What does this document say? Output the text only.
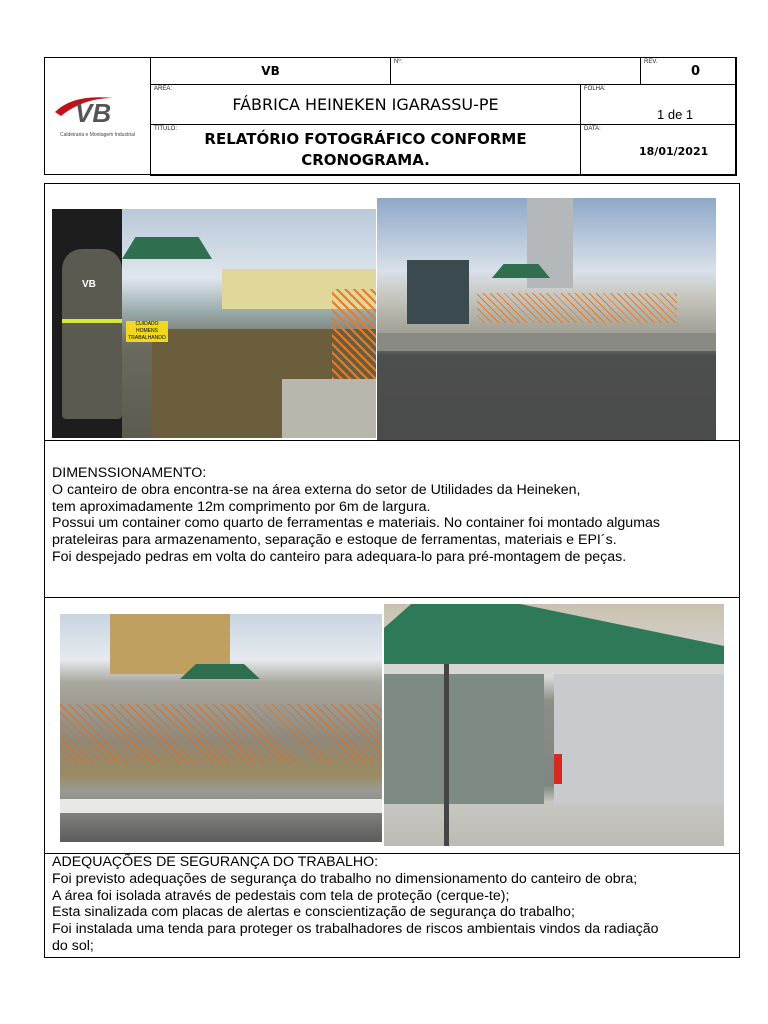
VB
Caldeiraria e Montagem Industrial
VB
Nº:	REV.
0
AREA:
FÁBRICA HEINEKEN IGARASSU-PE
FOLHA:
1 de 1
TÍTULO:
RELATÓRIO FOTOGRÁFICO CONFORME
CRONOGRAMA.
DATA:
18/01/2021
VB
CUIDADO HOMENS TRABALHANDO
DIMENSSIONAMENTO:
O canteiro de obra encontra-se na área externa do setor de Utilidades da Heineken,
tem aproximadamente 12m comprimento por 6m de largura.
Possui um container como quarto de ferramentas e materiais. No container foi montado algumas
prateleiras para armazenamento, separação e estoque de ferramentas, materiais e EPI´s.
Foi despejado pedras em volta do canteiro para adequara-lo para pré-montagem de peças.
ADEQUAÇÕES DE SEGURANÇA DO TRABALHO:
Foi previsto adequações de segurança do trabalho no dimensionamento do canteiro de obra;
A área foi isolada através de pedestais com tela de proteção (cerque-te);
Esta sinalizada com placas de alertas e conscientização de segurança do trabalho;
Foi instalada uma tenda para proteger os trabalhadores de riscos ambientais vindos da radiação
do sol;
